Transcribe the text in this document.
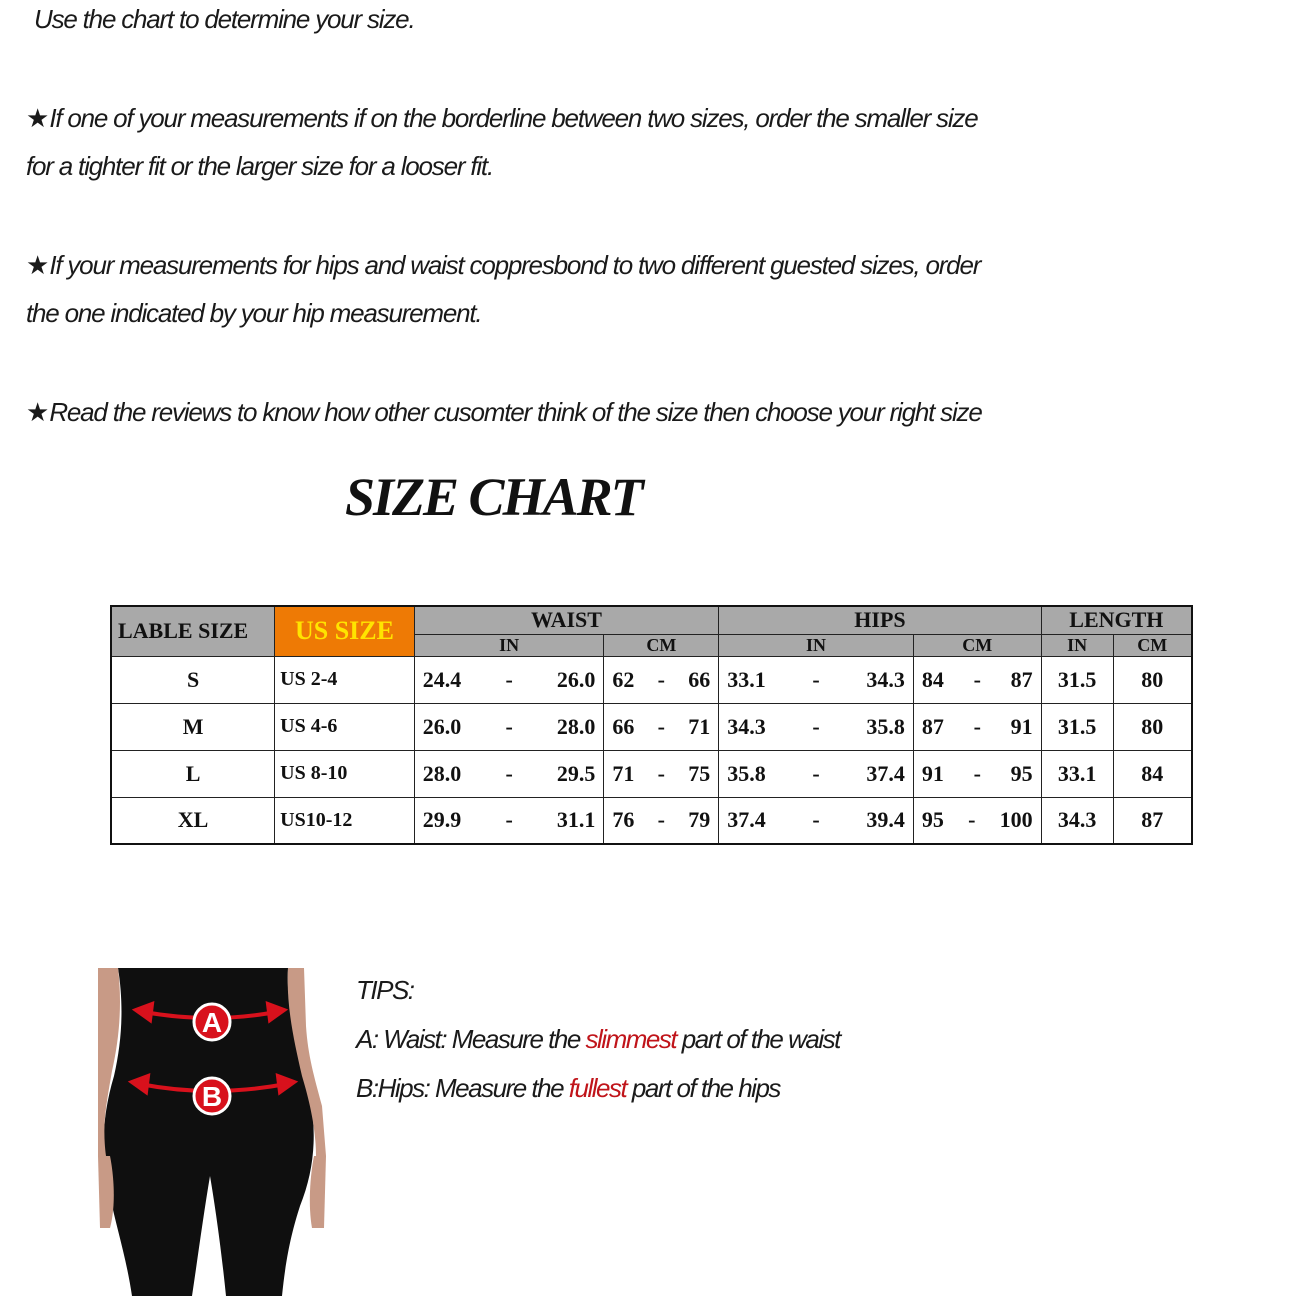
Use the chart to determine your size.

★If one of your measurements if on the borderline between two sizes, order the smaller size
for a tighter fit or the larger size for a looser fit.

★If your measurements for hips and waist coppresbond to two different guested sizes, order
the one indicated by your hip measurement.

★Read the reviews to know how other cusomter think of the size then choose your right size

SIZE CHART
LABLE SIZE	US SIZE	WAIST		HIPS		LENGTH	
		IN	CM	IN	CM	IN	CM
S	US 2-4	24.4 - 26.0	62 - 66	33.1 - 34.3	84 - 87	31.5	80
M	US 4-6	26.0 - 28.0	66 - 71	34.3 - 35.8	87 - 91	31.5	80
L	US 8-10	28.0 - 29.5	71 - 75	35.8 - 37.4	91 - 95	33.1	84
XL	US10-12	29.9 - 31.1	76 - 79	37.4 - 39.4	95 - 100	34.3	87
A
B

TIPS:

A: Waist: Measure the slimmest part of the waist

B:Hips: Measure the fullest part of the hips
